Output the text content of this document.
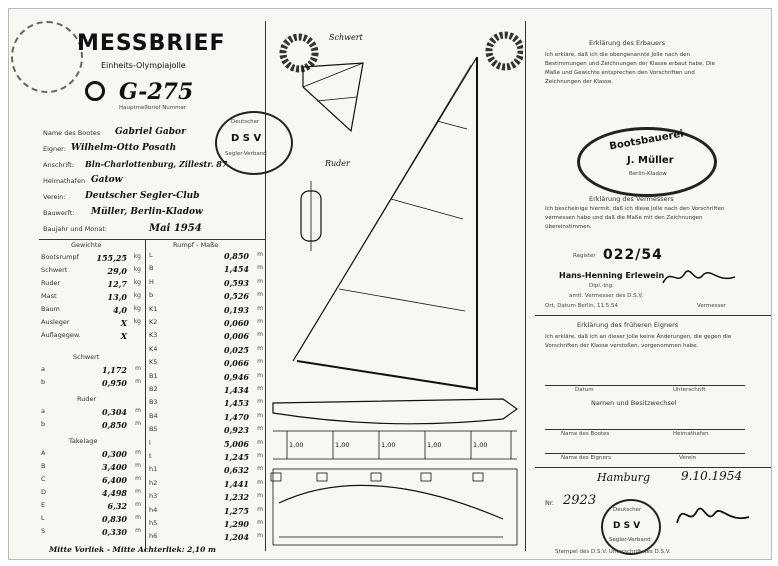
MESSBRIEF
Einheits-Olympiajolle
G-275
Hauptmeßbrief Nummer
Deutscher
D S V
Segler-Verband
Name des Bootes Gabriel Gabor
Eigner: Wilhelm-Otto Posath
Anschrift: Bln-Charlottenburg, Zillestr. 87
Heimathafen Gatow
Verein: Deutscher Segler-Club
Bauwerft: Müller, Berlin-Kladow
Baujahr und Monat:	Mai 1954
Gewichte
Bootsrumpf 155,25 kg
Schwert	29,0 kg
Ruder	12,7 kg
Mast	13,0 kg
Baum	4,0 kg
Ausleger	X kg
Auflagegew.	X
Schwert
a	1,172 m
b	0,950 m
Ruder
a	0,304 m
b	0,850 m
Takelage
A	0,300 m
B	3,400 m
C	6,400 m
D	4,498 m
E	6,32 m
L	0,830 m
S	0,330 m
Rumpf - Maße
L	0,850 m
B	1,454 m
H	0,593 m
b	0,526 m
K1	0,193 m
K2	0,060 m
K3	0,006 m
K4	0,025 m
K5	0,066 m
B1	0,946 m
B2	1,434 m
B3	1,453 m
B4	1,470 m
B5	0,923 m
l	5,006 m
t	1,245 m
h1	0,632 m
h2	1,441 m
h3	1,232 m
h4	1,275 m
h5	1,290 m
h6	1,204 m
Mitte Vorliek - Mitte Achterliek: 2,10 m
Schwert
Ruder
1,00	1,00	1,00	1,00	1,00
Erklärung des Erbauers
Ich erkläre, daß ich die obengenannte Jolle nach den Bestimmungen und Zeichnungen der Klasse erbaut habe. Die Maße und Gewichte entsprechen den Vorschriften und Zeichnungen der Klasse.
Bootsbauerei
J. Müller
Berlin-Kladow
Erklärung des Vermessers
Ich bescheinige hiermit, daß ich diese Jolle nach den Vorschriften vermessen habe und daß die Maße mit den Zeichnungen übereinstimmen.
Register 022/54
Hans-Henning Erlewein
Dipl.-Ing.
amtl. Vermesser des D.S.V.
Ort, Datum Berlin, 11.5.54	Vermesser
Erklärung des früheren Eigners
Ich erkläre, daß ich an dieser Jolle keine Änderungen, die gegen die Vorschriften der Klasse verstoßen, vorgenommen habe.
Datum	Unterschrift
Namen und Besitzwechsel
Name des Bootes	Heimathafen
Name des Eigners	Verein
Hamburg	9.10.1954
Nr. 2923
Deutscher
D S V
Segler-Verband
Stempel des D.S.V. Unterschrift des D.S.V.
